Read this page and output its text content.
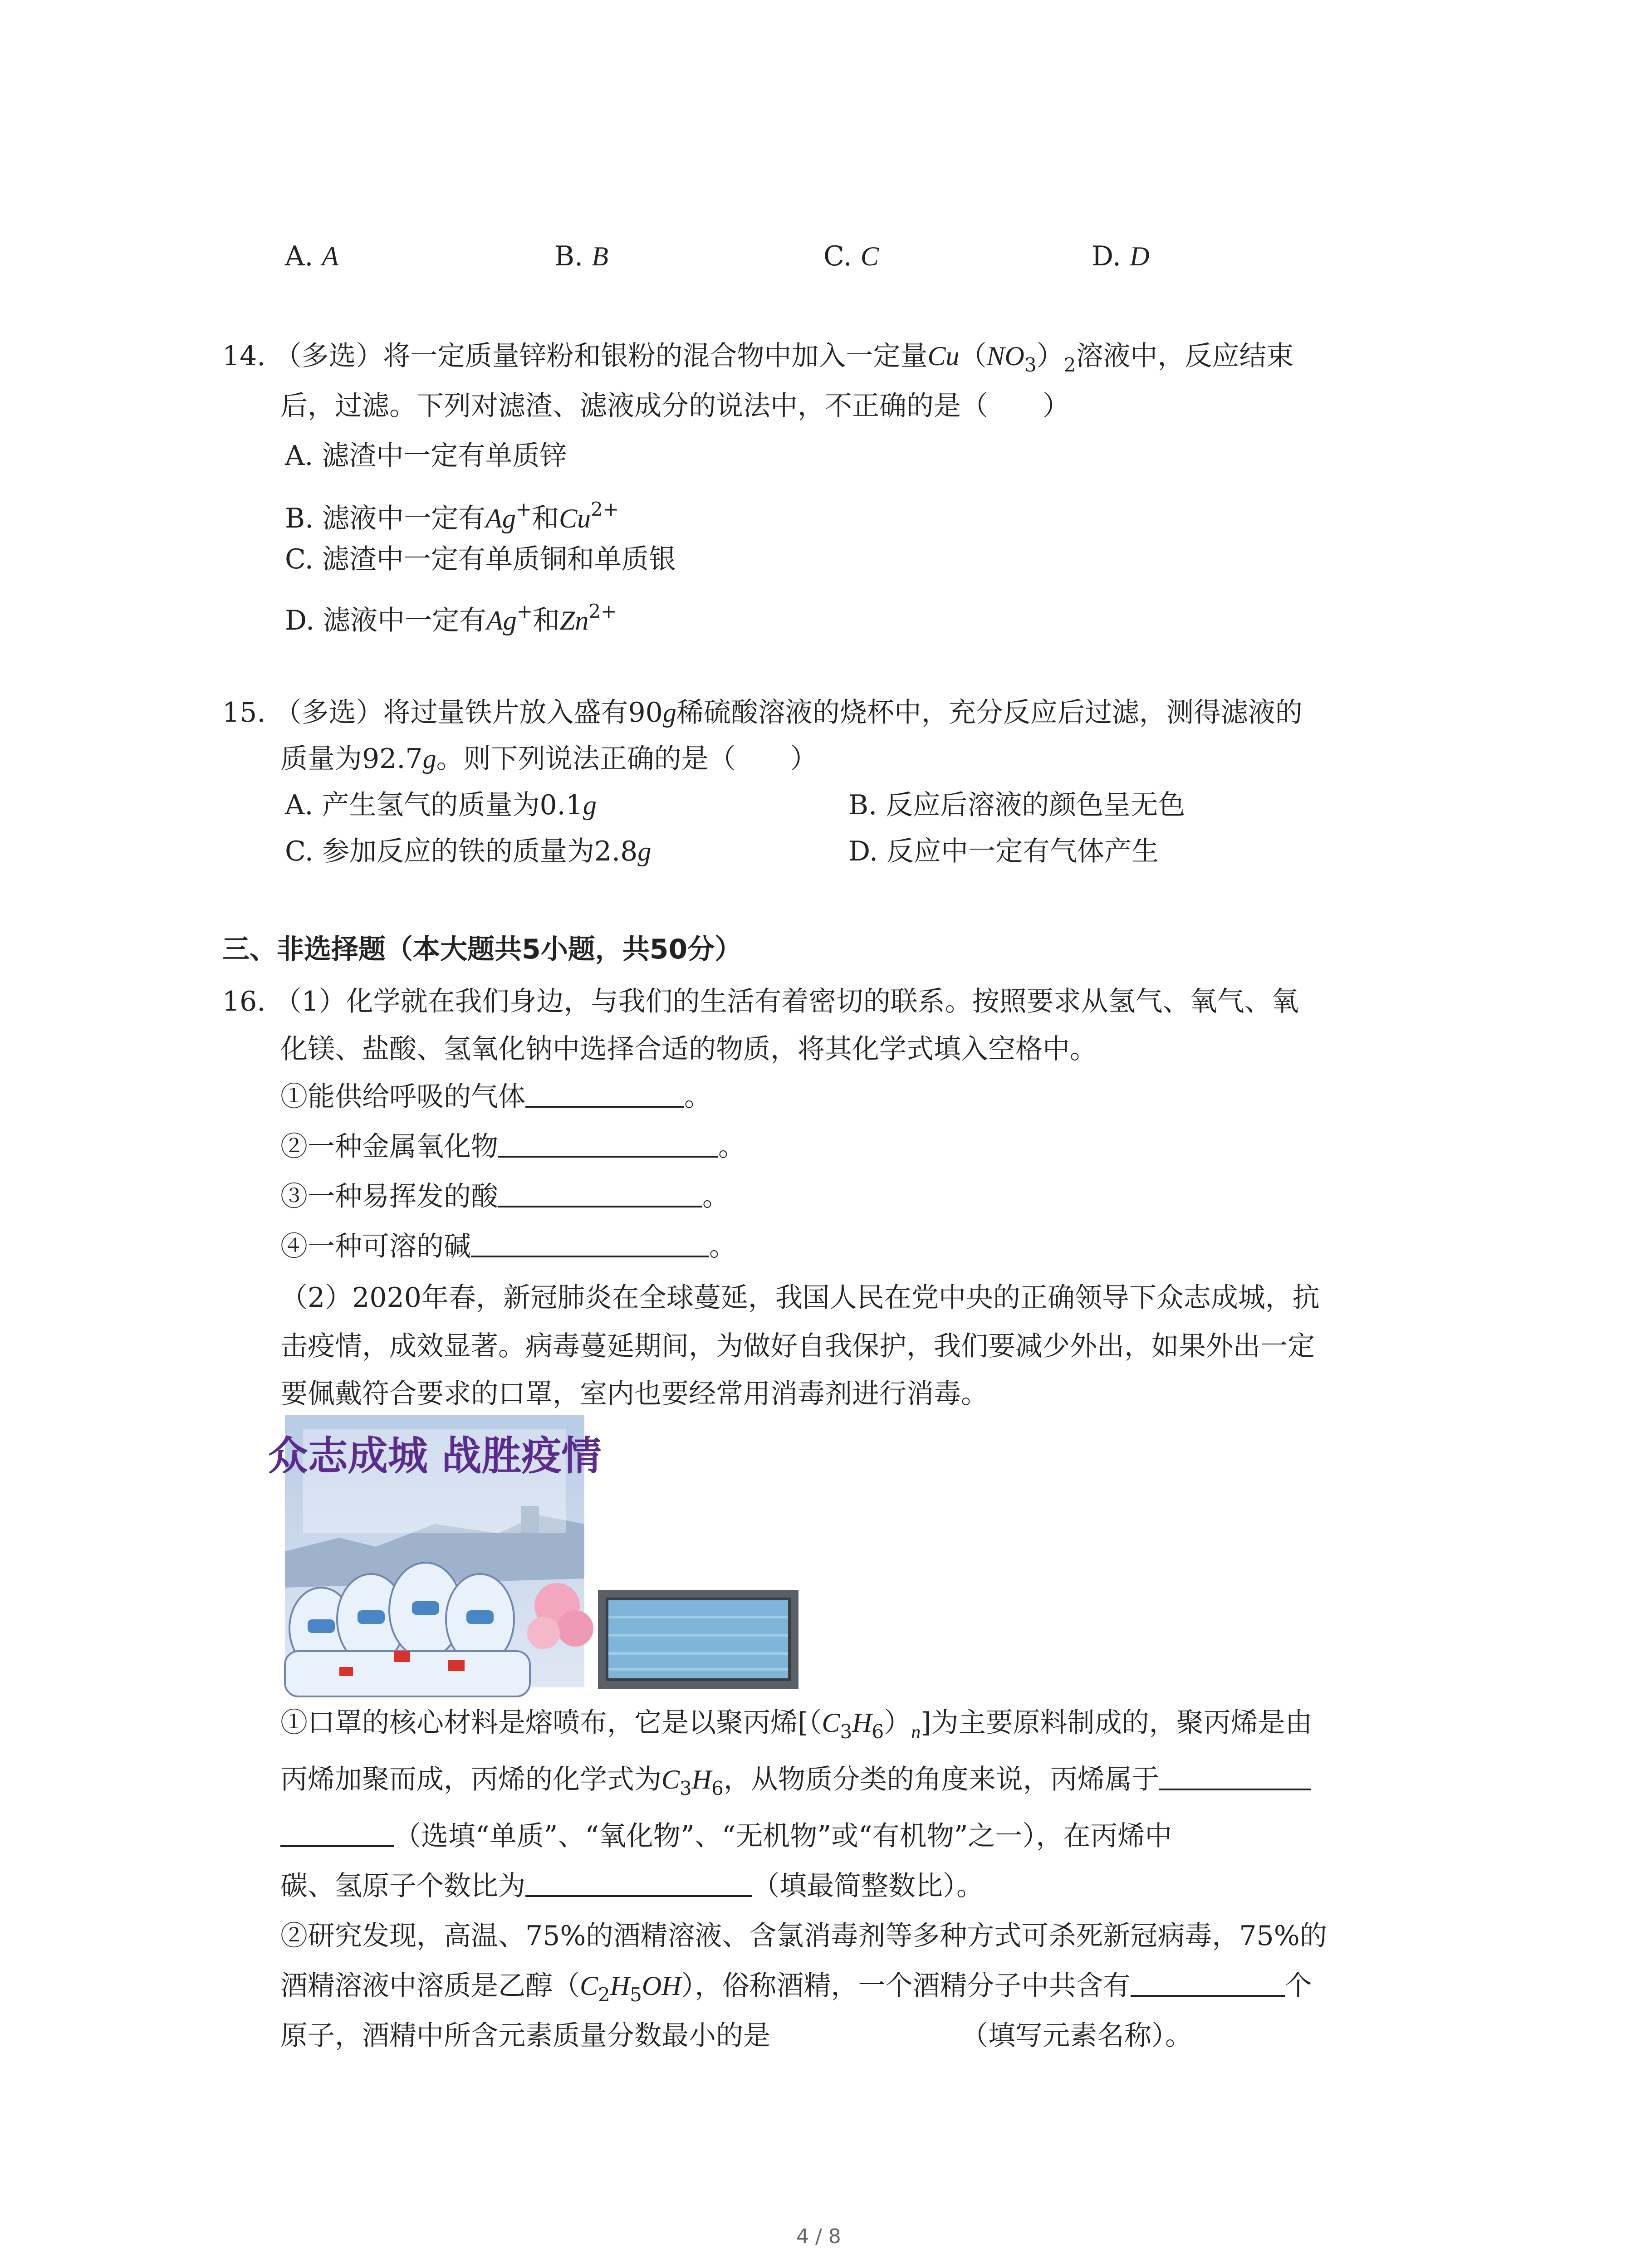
A. A	B. B	C. C	D. D
14. （多选）将一定质量锌粉和银粉的混合物中加入一定量$Cu(NO_3)_2$溶液中，反应结束
后，过滤。下列对滤渣、滤液成分的说法中，不正确的是（　　）
A. 滤渣中一定有单质锌
B. 滤液中一定有Ag+和$Cu^{2+}$
C. 滤渣中一定有单质铜和单质银
D. 滤液中一定有Ag+和$Zn^{2+}$
15. （多选）将过量铁片放入盛有90g稀硫酸溶液的烧杯中，充分反应后过滤，测得滤液的
质量为92.7g。则下列说法正确的是（　　）
A. 产生氢气的质量为0.1g	B. 反应后溶液的颜色呈无色
C. 参加反应的铁的质量为2.8g	D. 反应中一定有气体产生
三、非选择题（本大题共5小题，共50分）
16. （1）化学就在我们身边，与我们的生活有着密切的联系。按照要求从氢气、氧气、氧
化镁、盐酸、氢氧化钠中选择合适的物质，将其化学式填入空格中。
①能供给呼吸的气体	。
②一种金属氧化物	。
③一种易挥发的酸	。
④一种可溶的碱	。
（2）2020年春，新冠肺炎在全球蔓延，我国人民在党中央的正确领导下众志成城，抗
击疫情，成效显著。病毒蔓延期间，为做好自我保护，我们要减少外出，如果外出一定
要佩戴符合要求的口罩，室内也要经常用消毒剂进行消毒。
众志成城 战胜疫情
①口罩的核心材料是熔喷布，它是以聚丙烯$[(C_3H_6)_n]$为主要原料制成的，聚丙烯是由
丙烯加聚而成，丙烯的化学式为$C_3H_6$，从物质分类的角度来说，丙烯属于
（选填“单质”、“氧化物”、“无机物”或“有机物”之一），在丙烯中
碳、氢原子个数比为	（填最简整数比）。
②研究发现，高温、75%的酒精溶液、含氯消毒剂等多种方式可杀死新冠病毒，75%的
酒精溶液中溶质是乙醇$(C_2H_5OH)$，俗称酒精，一个酒精分子中共含有	个
原子，酒精中所含元素质量分数最小的是	（填写元素名称）。
4 / 8
